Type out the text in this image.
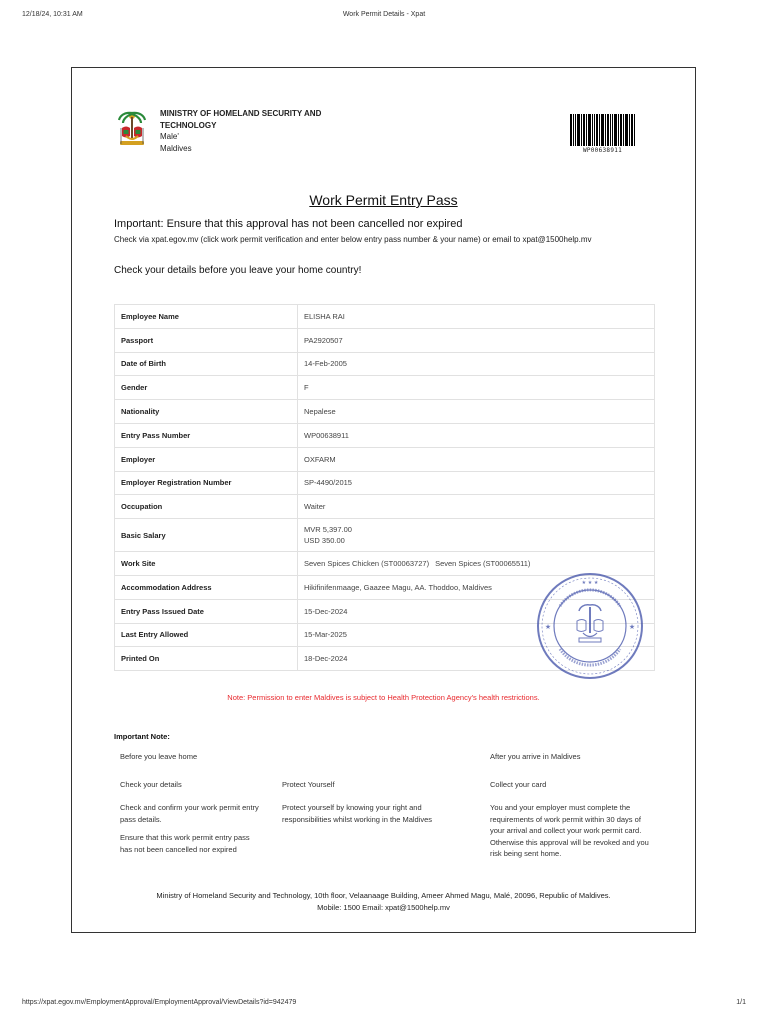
12/18/24, 10:31 AM	Work Permit Details - Xpat
MINISTRY OF HOMELAND SECURITY AND TECHNOLOGY
Male'
Maldives	WP00638911
Work Permit Entry Pass
Important: Ensure that this approval has not been cancelled nor expired
Check via xpat.egov.mv (click work permit verification and enter below entry pass number & your name) or email to xpat@1500help.mv
Check your details before you leave your home country!
Employee Name	ELISHA RAI
Passport	PA2920507
Date of Birth	14-Feb-2005
Gender	F
Nationality	Nepalese
Entry Pass Number	WP00638911
Employer	OXFARM
Employer Registration Number	SP-4490/2015
Occupation	Waiter
Basic Salary	MVR 5,397.00
USD 350.00

Work Site	Seven Spices Chicken (ST00063727) Seven Spices (ST00065511)
Accommodation Address	Hikifinifenmaage, Gaazee Magu, AA. Thoddoo, Maldives
Entry Pass Issued Date	15-Dec-2024
Last Entry Allowed	15-Mar-2025
Printed On	18-Dec-2024
★ ★ ★
★	★
Note: Permission to enter Maldives is subject to Health Protection Agency's health restrictions.
Important Note:
Before you leave home	After you arrive in Maldives
Check your details	Protect Yourself	Collect your card
Check and confirm your work permit entry pass details.
Ensure that this work permit entry pass has not been cancelled nor expired
Protect yourself by knowing your right and responsibilities whilst working in the Maldives
You and your employer must complete the requirements of work permit within 30 days of your arrival and collect your work permit card. Otherwise this approval will be revoked and you risk being sent home.
Ministry of Homeland Security and Technology, 10th floor, Velaanaage Building, Ameer Ahmed Magu, Malé, 20096, Republic of Maldives.
Mobile: 1500 Email: xpat@1500help.mv
https://xpat.egov.mv/EmploymentApproval/EmploymentApproval/ViewDetails?id=942479	1/1
